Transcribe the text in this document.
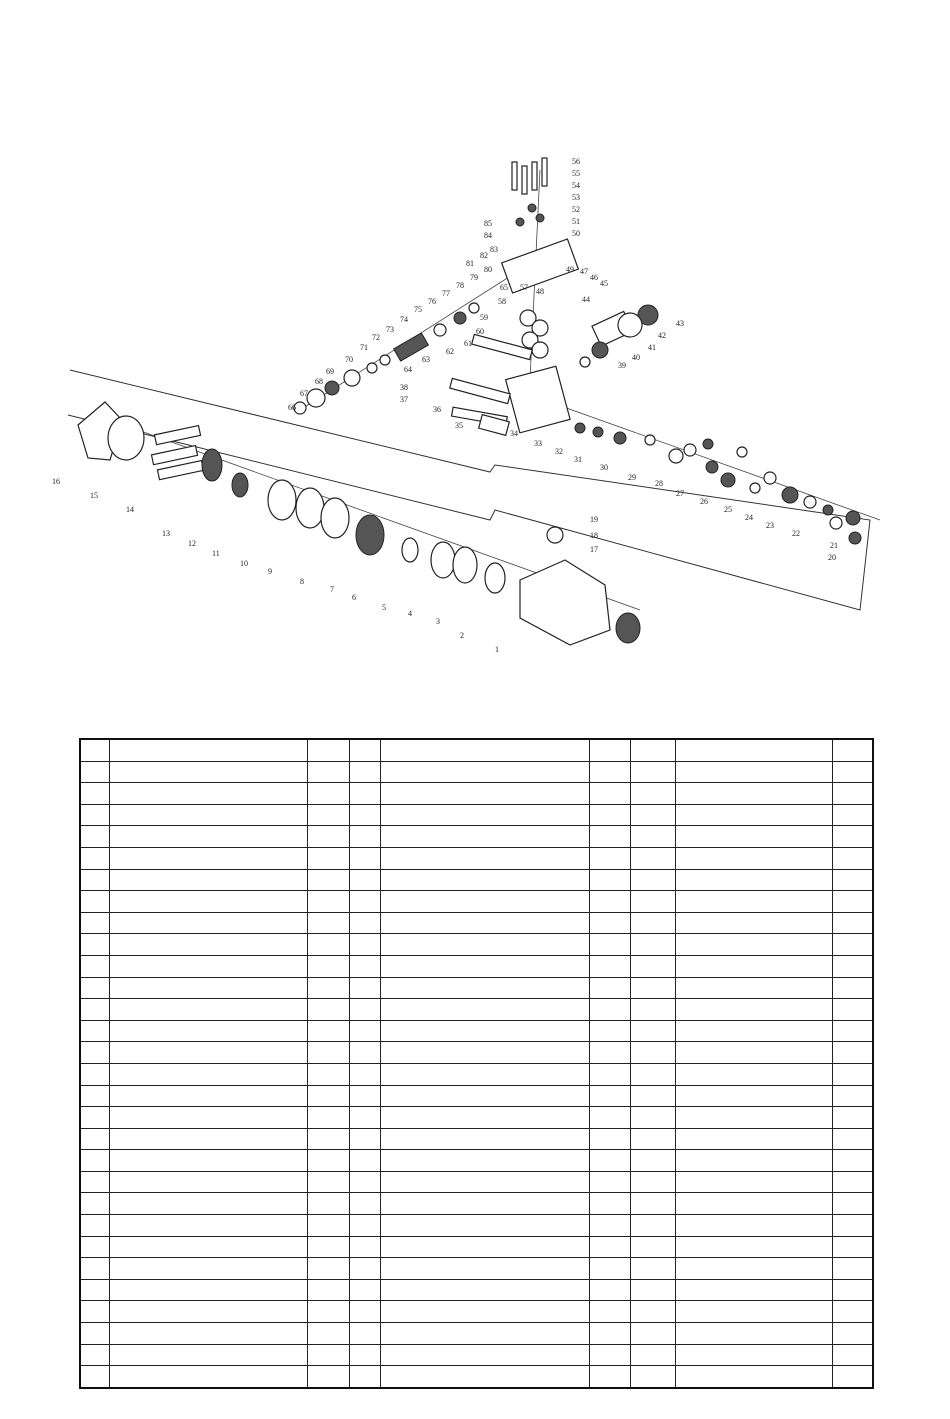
1
2
3
4
5
6
7
8
9
10
11
12
13
14
15
16
17
18
19
20
21
22
23
24
25
26
27
28
29
30
31
32
33
34
35
36
37
38
39
40
41
42
43
44
45
46
47
48
49
50
51
52
53
54
55
56
57
58
59
60
61
62
63
64
65
66
67
68
69
70
71
72
73
74
75
76
77
78
79
80
81
82
83
84
85
